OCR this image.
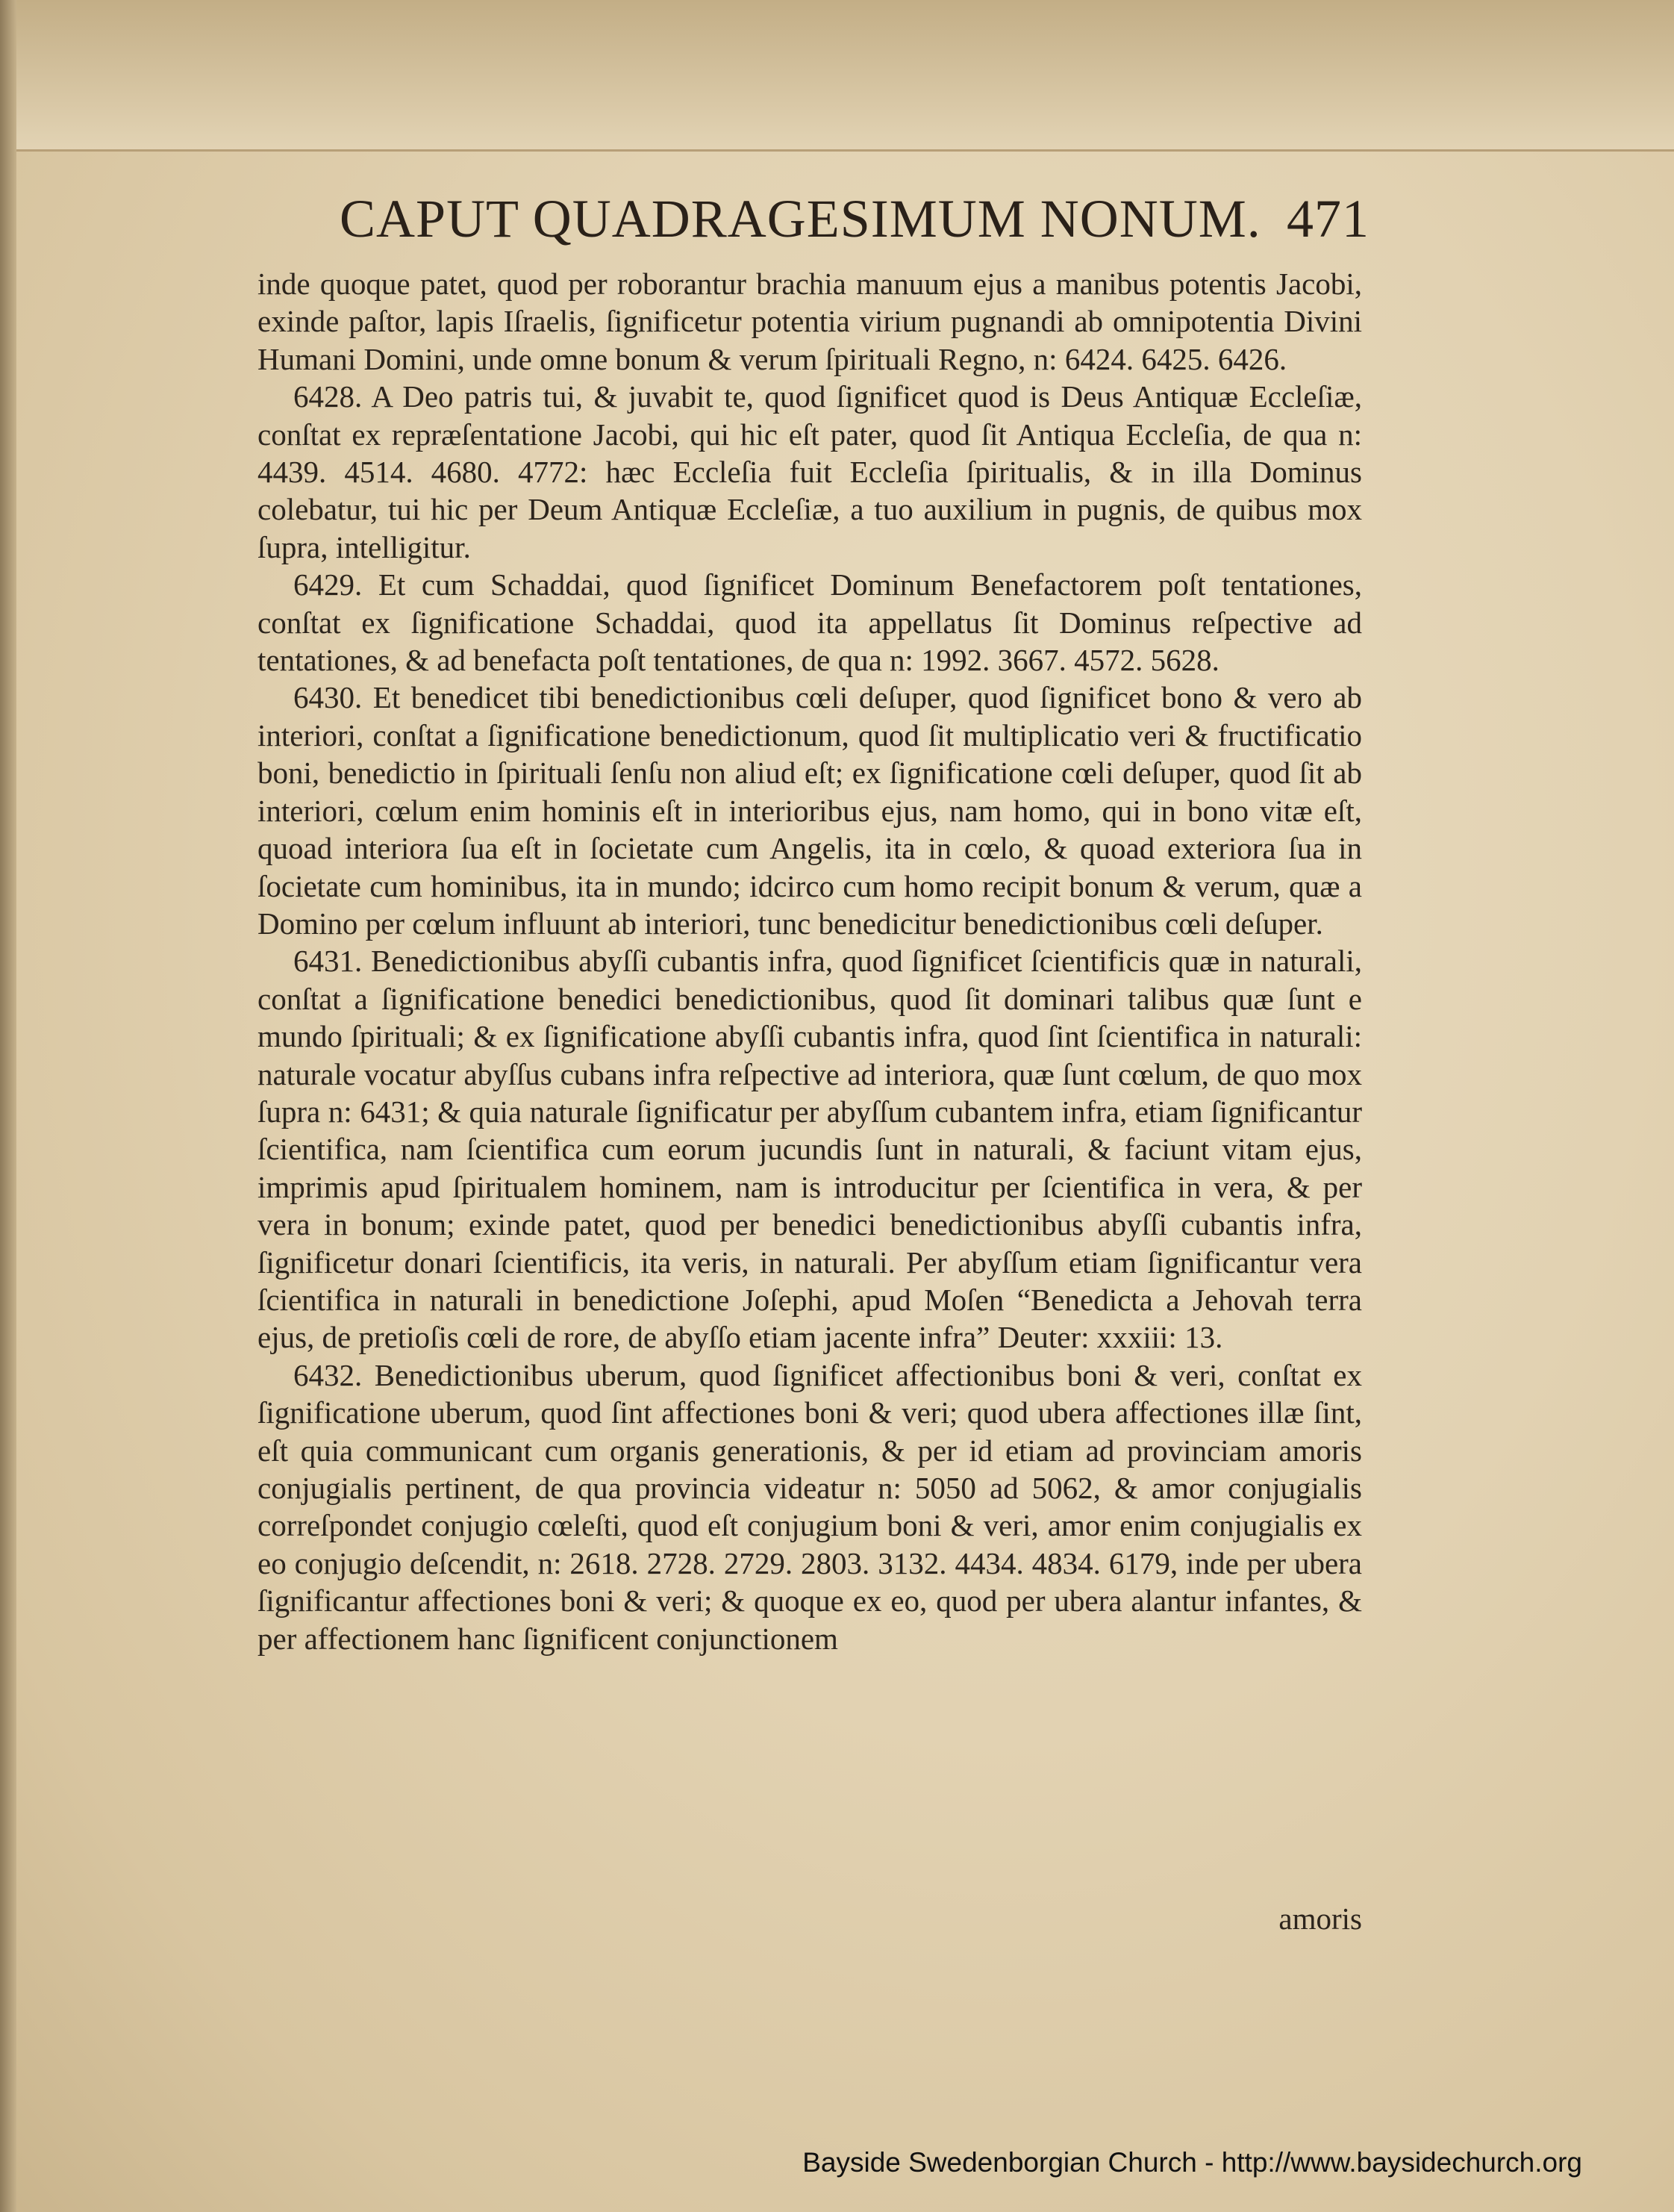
CAPUT QUADRAGESIMUM NONUM. 471

inde quoque patet, quod per roborantur brachia manuum ejus a manibus potentis Jacobi, exinde paſtor, lapis Iſraelis, ſignificetur potentia virium pugnandi ab omnipotentia Divini Humani Domini, unde omne bonum & verum ſpirituali Regno, n: 6424. 6425. 6426.

6428. A Deo patris tui, & juvabit te, quod ſignificet quod is Deus Antiquæ Eccleſiæ, conſtat ex repræſentatione Jacobi, qui hic eſt pater, quod ſit Antiqua Eccleſia, de qua n: 4439. 4514. 4680. 4772: hæc Eccleſia fuit Eccleſia ſpiritualis, & in illa Dominus colebatur, tui hic per Deum Antiquæ Eccleſiæ, a tuo auxilium in pugnis, de quibus mox ſupra, intelligitur.

6429. Et cum Schaddai, quod ſignificet Dominum Benefactorem poſt tentationes, conſtat ex ſignificatione Schaddai, quod ita appellatus ſit Dominus reſpective ad tentationes, & ad benefacta poſt tentationes, de qua n: 1992. 3667. 4572. 5628.

6430. Et benedicet tibi benedictionibus cœli deſuper, quod ſignificet bono & vero ab interiori, conſtat a ſignificatione benedictionum, quod ſit multiplicatio veri & fructificatio boni, benedictio in ſpirituali ſenſu non aliud eſt; ex ſignificatione cœli deſuper, quod ſit ab interiori, cœlum enim hominis eſt in interioribus ejus, nam homo, qui in bono vitæ eſt, quoad interiora ſua eſt in ſocietate cum Angelis, ita in cœlo, & quoad exteriora ſua in ſocietate cum hominibus, ita in mundo; idcirco cum homo recipit bonum & verum, quæ a Domino per cœlum influunt ab interiori, tunc benedicitur benedictionibus cœli deſuper.

6431. Benedictionibus abyſſi cubantis infra, quod ſignificet ſcientificis quæ in naturali, conſtat a ſignificatione benedici benedictionibus, quod ſit dominari talibus quæ ſunt e mundo ſpirituali; & ex ſignificatione abyſſi cubantis infra, quod ſint ſcientifica in naturali: naturale vocatur abyſſus cubans infra reſpective ad interiora, quæ ſunt cœlum, de quo mox ſupra n: 6431; & quia naturale ſignificatur per abyſſum cubantem infra, etiam ſignificantur ſcientifica, nam ſcientifica cum eorum jucundis ſunt in naturali, & faciunt vitam ejus, imprimis apud ſpiritualem hominem, nam is introducitur per ſcientifica in vera, & per vera in bonum; exinde patet, quod per benedici benedictionibus abyſſi cubantis infra, ſignificetur donari ſcientificis, ita veris, in naturali. Per abyſſum etiam ſignificantur vera ſcientifica in naturali in benedictione Joſephi, apud Moſen “Benedicta a Jehovah terra ejus, de pretioſis cœli de rore, de abyſſo etiam jacente infra” Deuter: xxxiii: 13.

6432. Benedictionibus uberum, quod ſignificet affectionibus boni & veri, conſtat ex ſignificatione uberum, quod ſint affectiones boni & veri; quod ubera affectiones illæ ſint, eſt quia communicant cum organis generationis, & per id etiam ad provinciam amoris conjugialis pertinent, de qua provincia videatur n: 5050 ad 5062, & amor conjugialis correſpondet conjugio cœleſti, quod eſt conjugium boni & veri, amor enim conjugialis ex eo conjugio deſcendit, n: 2618. 2728. 2729. 2803. 3132. 4434. 4834. 6179, inde per ubera ſignificantur affectiones boni & veri; & quoque ex eo, quod per ubera alantur infantes, & per affectionem hanc ſignificent conjunctionem

amoris
Bayside Swedenborgian Church - http://www.baysidechurch.org
